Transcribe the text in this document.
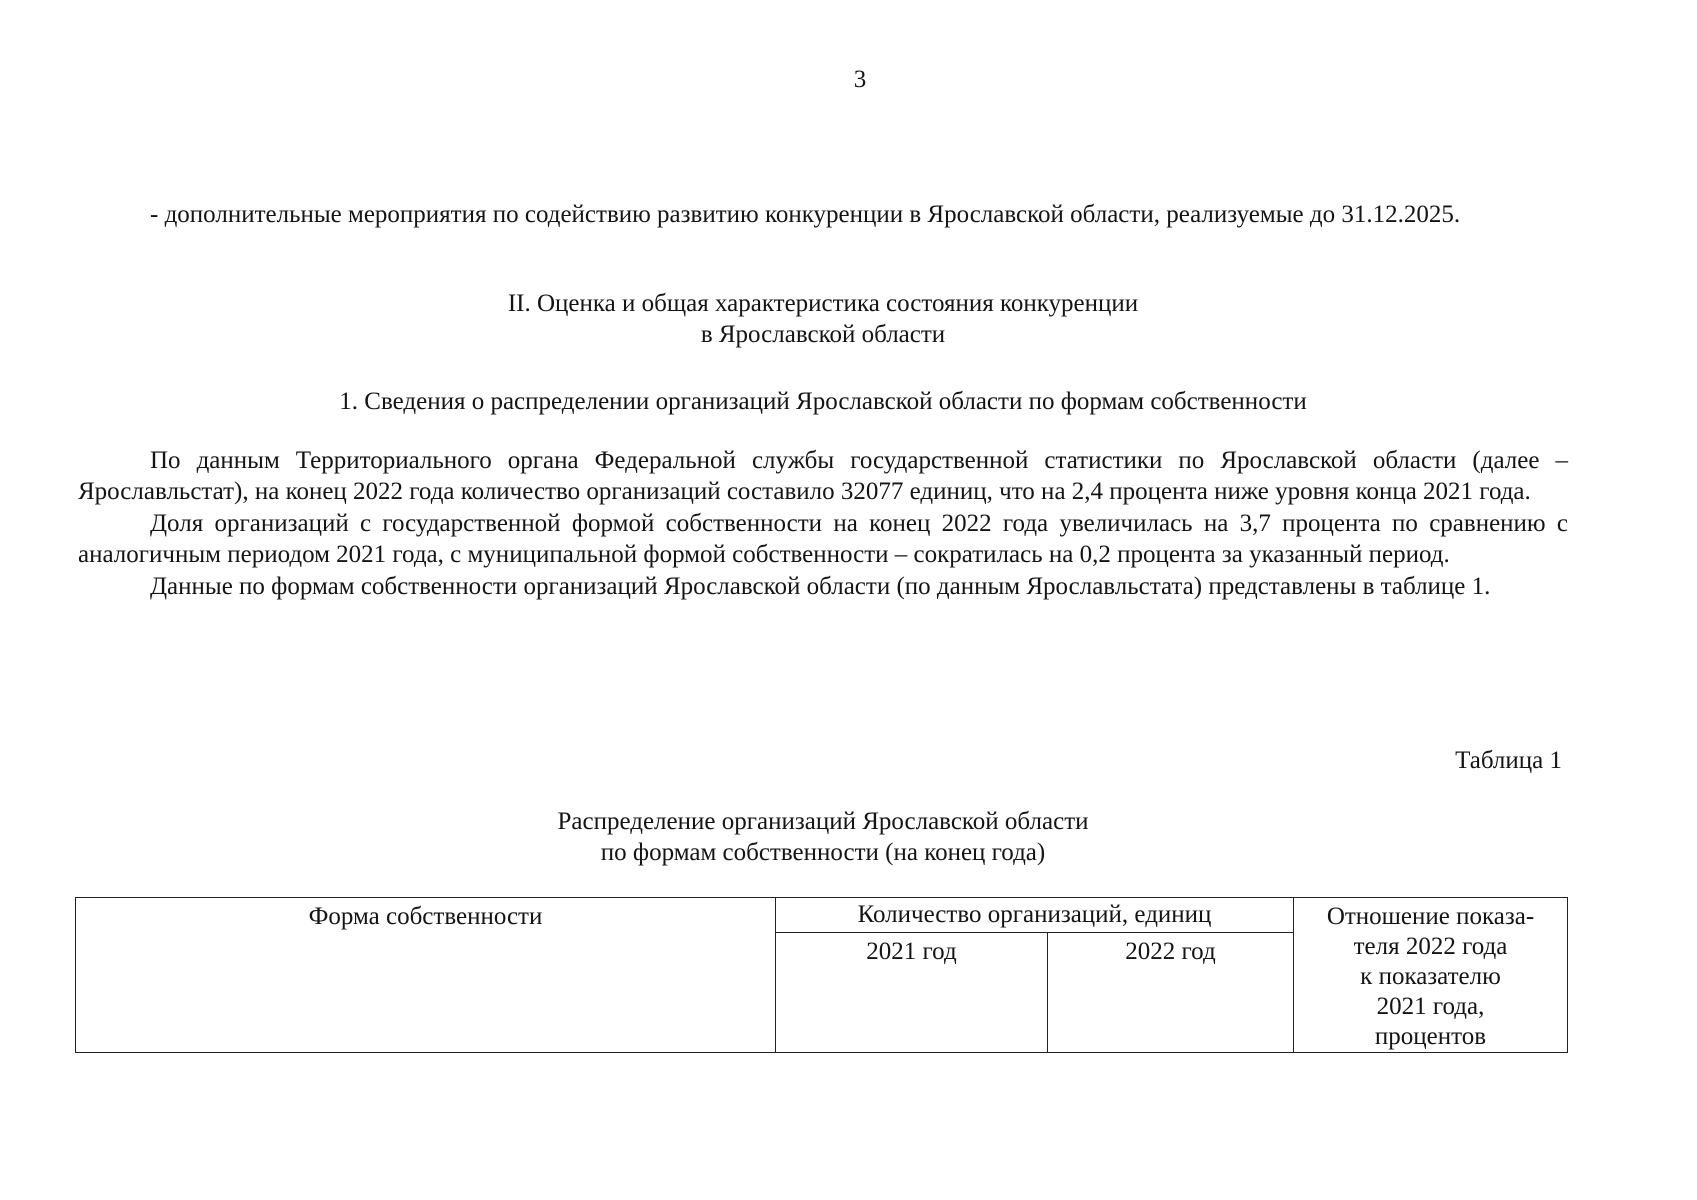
3
- дополнительные мероприятия по содействию развитию конкуренции в Ярославской области, реализуемые до 31.12.2025.
II. Оценка и общая характеристика состояния конкуренции
в Ярославской области
1. Сведения о распределении организаций Ярославской области по формам собственности

По данным Территориального органа Федеральной службы государственной статистики по Ярославской области (далее – Ярославльстат), на конец 2022 года количество организаций составило 32077 единиц, что на 2,4 процента ниже уровня конца 2021 года.

Доля организаций с государственной формой собственности на конец 2022 года увеличилась на 3,7 процента по сравнению с аналогичным периодом 2021 года, с муниципальной формой собственности – сократилась на 0,2 процента за указанный период.

Данные по формам собственности организаций Ярославской области (по данным Ярославльстата) представлены в таблице 1.

Таблица 1
Распределение организаций Ярославской области
по формам собственности (на конец года)
Форма собственности	Количество организаций, единиц		Отношение показа-
теля 2022 года
к показателю
2021 года,
процентов

	2021 год	2022 год	
